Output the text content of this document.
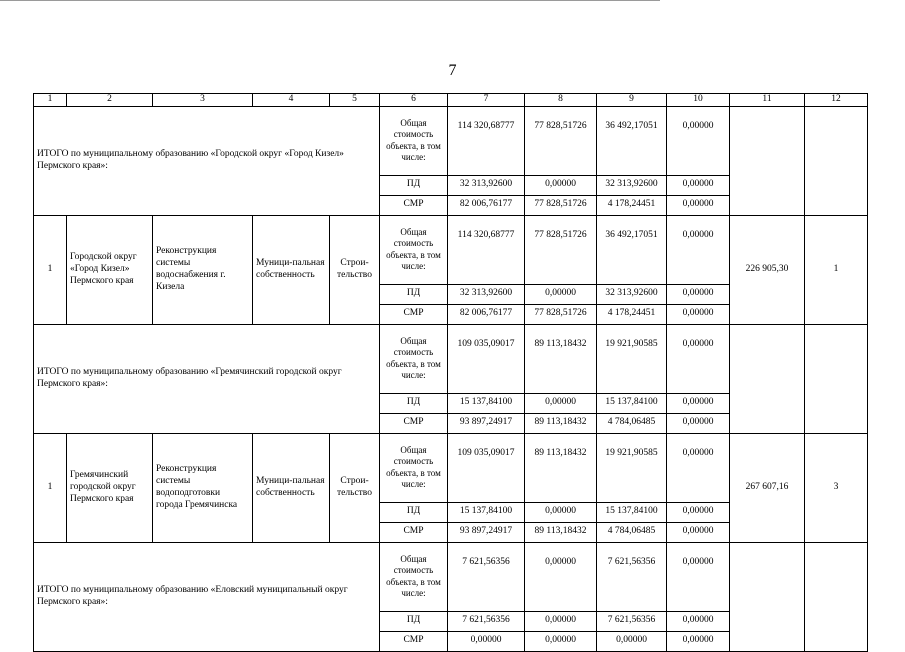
7
1	2	3	4	5	6	7	8	9	10	11	12
ИТОГО по муниципальному образованию «Городской округ «Город Кизел» Пермского края»:					Общая стоимость объекта, в том числе:	114 320,68777	77 828,51726	36 492,17051	0,00000		
					ПД	32 313,92600	0,00000	32 313,92600	0,00000		
					СМР	82 006,76177	77 828,51726	4 178,24451	0,00000		
1	Городской округ «Город Кизел» Пермского края	Реконструкция системы водоснабжения г. Кизела	Муници-пальная собственность	Строи-тельство	Общая стоимость объекта, в том числе:	114 320,68777	77 828,51726	36 492,17051	0,00000	226 905,30	1
					ПД	32 313,92600	0,00000	32 313,92600	0,00000		
					СМР	82 006,76177	77 828,51726	4 178,24451	0,00000		
ИТОГО по муниципальному образованию «Гремячинский городской округ Пермского края»:					Общая стоимость объекта, в том числе:	109 035,09017	89 113,18432	19 921,90585	0,00000		
					ПД	15 137,84100	0,00000	15 137,84100	0,00000		
					СМР	93 897,24917	89 113,18432	4 784,06485	0,00000		
1	Гремячинский городской округ Пермского края	Реконструкция системы водоподготовки города Гремячинска	Муници-пальная собственность	Строи-тельство	Общая стоимость объекта, в том числе:	109 035,09017	89 113,18432	19 921,90585	0,00000	267 607,16	3
					ПД	15 137,84100	0,00000	15 137,84100	0,00000		
					СМР	93 897,24917	89 113,18432	4 784,06485	0,00000		
ИТОГО по муниципальному образованию «Еловский муниципальный округ Пермского края»:					Общая стоимость объекта, в том числе:	7 621,56356	0,00000	7 621,56356	0,00000		
					ПД	7 621,56356	0,00000	7 621,56356	0,00000		
					СМР	0,00000	0,00000	0,00000	0,00000		
